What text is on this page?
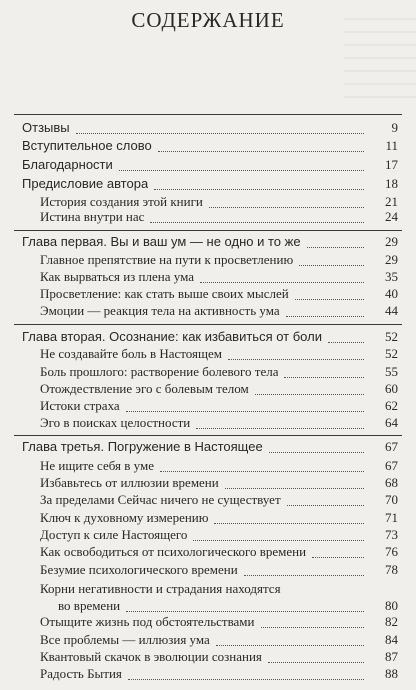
СОДЕРЖАНИЕ
Отзывы	9
Вступительное слово	11
Благодарности	17
Предисловие автора	18
История создания этой книги	21
Истина внутри нас	24
Глава первая. Вы и ваш ум — не одно и то же	29
Главное препятствие на пути к просветлению	29
Как вырваться из плена ума	35
Просветление: как стать выше своих мыслей	40
Эмоции — реакция тела на активность ума	44
Глава вторая. Осознание: как избавиться от боли	52
Не создавайте боль в Настоящем	52
Боль прошлого: растворение болевого тела	55
Отождествление эго с болевым телом	60
Истоки страха	62
Эго в поисках целостности	64
Глава третья. Погружение в Настоящее	67
Не ищите себя в уме	67
Избавьтесь от иллюзии времени	68
За пределами Сейчас ничего не существует	70
Ключ к духовному измерению	71
Доступ к силе Настоящего	73
Как освободиться от психологического времени	76
Безумие психологического времени	78
Корни негативности и страдания находятся
во времени	80
Отыщите жизнь под обстоятельствами	82
Все проблемы — иллюзия ума	84
Квантовый скачок в эволюции сознания	87
Радость Бытия	88
